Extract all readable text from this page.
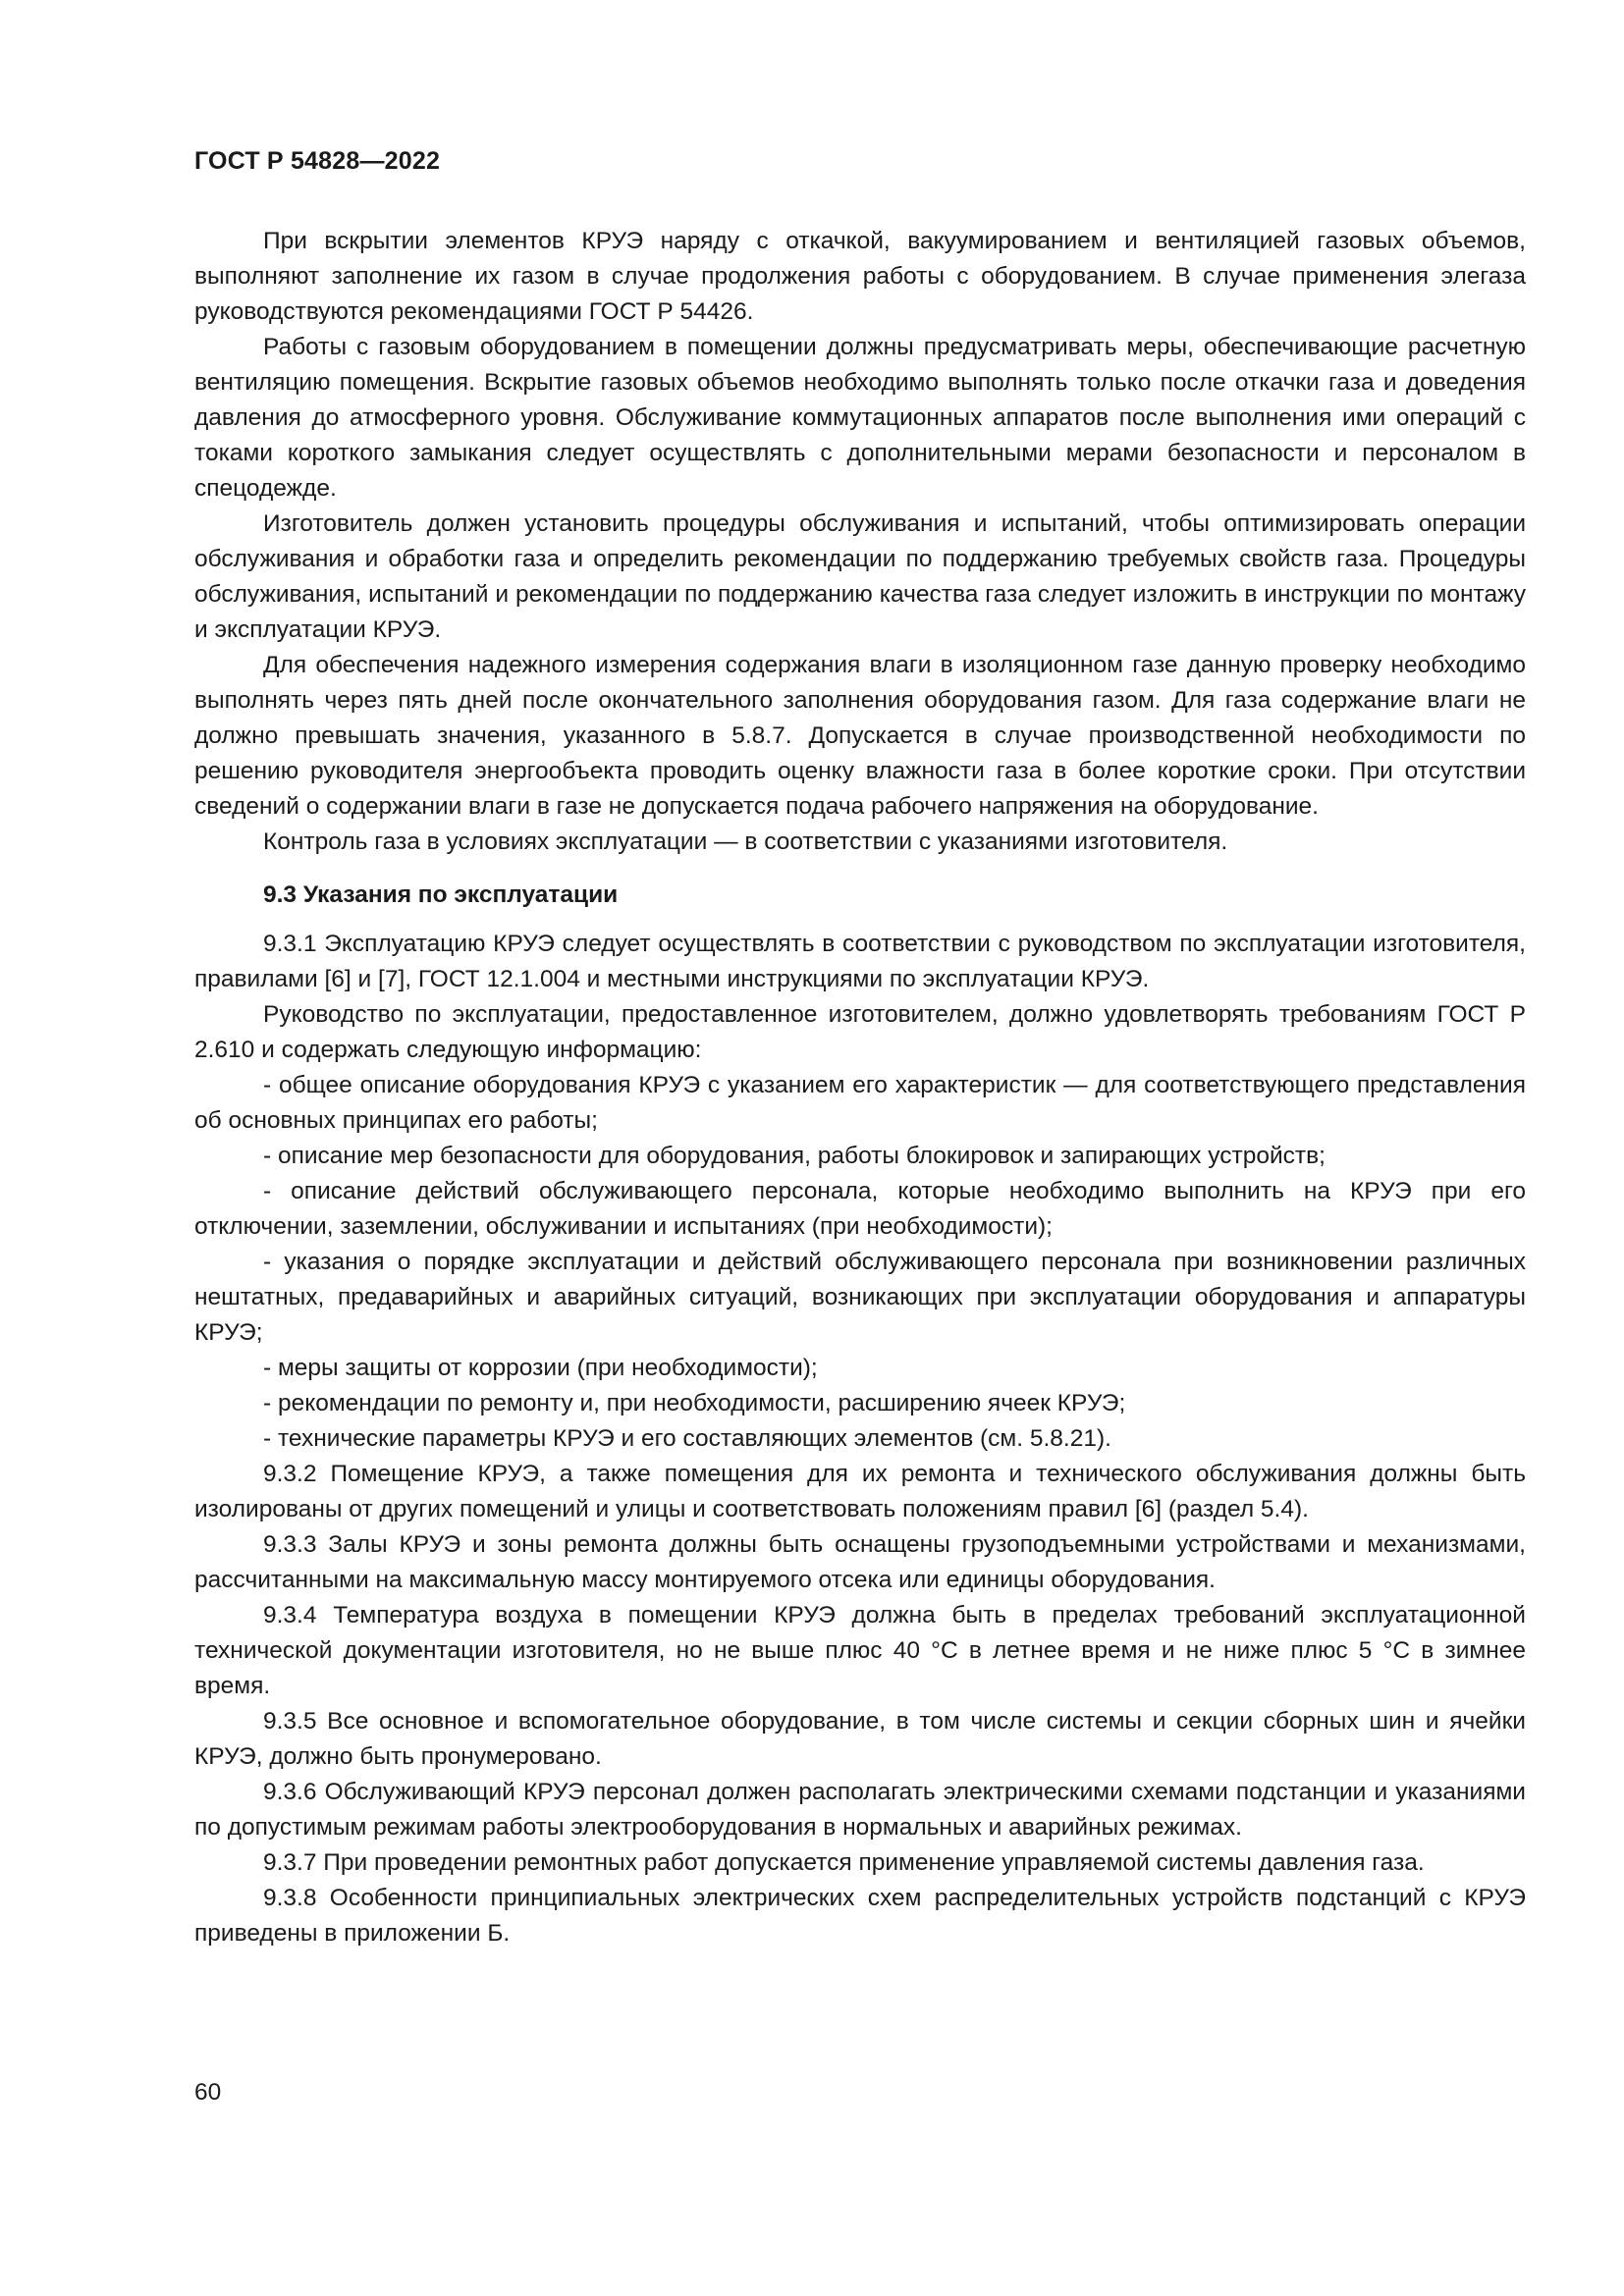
ГОСТ Р 54828—2022

При вскрытии элементов КРУЭ наряду с откачкой, вакуумированием и вентиляцией газовых объемов, выполняют заполнение их газом в случае продолжения работы с оборудованием. В случае применения элегаза руководствуются рекомендациями ГОСТ Р 54426.

Работы с газовым оборудованием в помещении должны предусматривать меры, обеспечивающие расчетную вентиляцию помещения. Вскрытие газовых объемов необходимо выполнять только после откачки газа и доведения давления до атмосферного уровня. Обслуживание коммутационных аппаратов после выполнения ими операций с токами короткого замыкания следует осуществлять с дополнительными мерами безопасности и персоналом в спецодежде.

Изготовитель должен установить процедуры обслуживания и испытаний, чтобы оптимизировать операции обслуживания и обработки газа и определить рекомендации по поддержанию требуемых свойств газа. Процедуры обслуживания, испытаний и рекомендации по поддержанию качества газа следует изложить в инструкции по монтажу и эксплуатации КРУЭ.

Для обеспечения надежного измерения содержания влаги в изоляционном газе данную проверку необходимо выполнять через пять дней после окончательного заполнения оборудования газом. Для газа содержание влаги не должно превышать значения, указанного в 5.8.7. Допускается в случае производственной необходимости по решению руководителя энергообъекта проводить оценку влажности газа в более короткие сроки. При отсутствии сведений о содержании влаги в газе не допускается подача рабочего напряжения на оборудование.

Контроль газа в условиях эксплуатации — в соответствии с указаниями изготовителя.

9.3 Указания по эксплуатации

9.3.1 Эксплуатацию КРУЭ следует осуществлять в соответствии с руководством по эксплуатации изготовителя, правилами [6] и [7], ГОСТ 12.1.004 и местными инструкциями по эксплуатации КРУЭ.

Руководство по эксплуатации, предоставленное изготовителем, должно удовлетворять требованиям ГОСТ Р 2.610 и содержать следующую информацию:

- общее описание оборудования КРУЭ с указанием его характеристик — для соответствующего представления об основных принципах его работы;

- описание мер безопасности для оборудования, работы блокировок и запирающих устройств;

- описание действий обслуживающего персонала, которые необходимо выполнить на КРУЭ при его отключении, заземлении, обслуживании и испытаниях (при необходимости);

- указания о порядке эксплуатации и действий обслуживающего персонала при возникновении различных нештатных, предаварийных и аварийных ситуаций, возникающих при эксплуатации оборудования и аппаратуры КРУЭ;

- меры защиты от коррозии (при необходимости);

- рекомендации по ремонту и, при необходимости, расширению ячеек КРУЭ;

- технические параметры КРУЭ и его составляющих элементов (см. 5.8.21).

9.3.2 Помещение КРУЭ, а также помещения для их ремонта и технического обслуживания должны быть изолированы от других помещений и улицы и соответствовать положениям правил [6] (раздел 5.4).

9.3.3 Залы КРУЭ и зоны ремонта должны быть оснащены грузоподъемными устройствами и механизмами, рассчитанными на максимальную массу монтируемого отсека или единицы оборудования.

9.3.4 Температура воздуха в помещении КРУЭ должна быть в пределах требований эксплуатационной технической документации изготовителя, но не выше плюс 40 °С в летнее время и не ниже плюс 5 °С в зимнее время.

9.3.5 Все основное и вспомогательное оборудование, в том числе системы и секции сборных шин и ячейки КРУЭ, должно быть пронумеровано.

9.3.6 Обслуживающий КРУЭ персонал должен располагать электрическими схемами подстанции и указаниями по допустимым режимам работы электрооборудования в нормальных и аварийных режимах.

9.3.7 При проведении ремонтных работ допускается применение управляемой системы давления газа.

9.3.8 Особенности принципиальных электрических схем распределительных устройств подстанций с КРУЭ приведены в приложении Б.

60
